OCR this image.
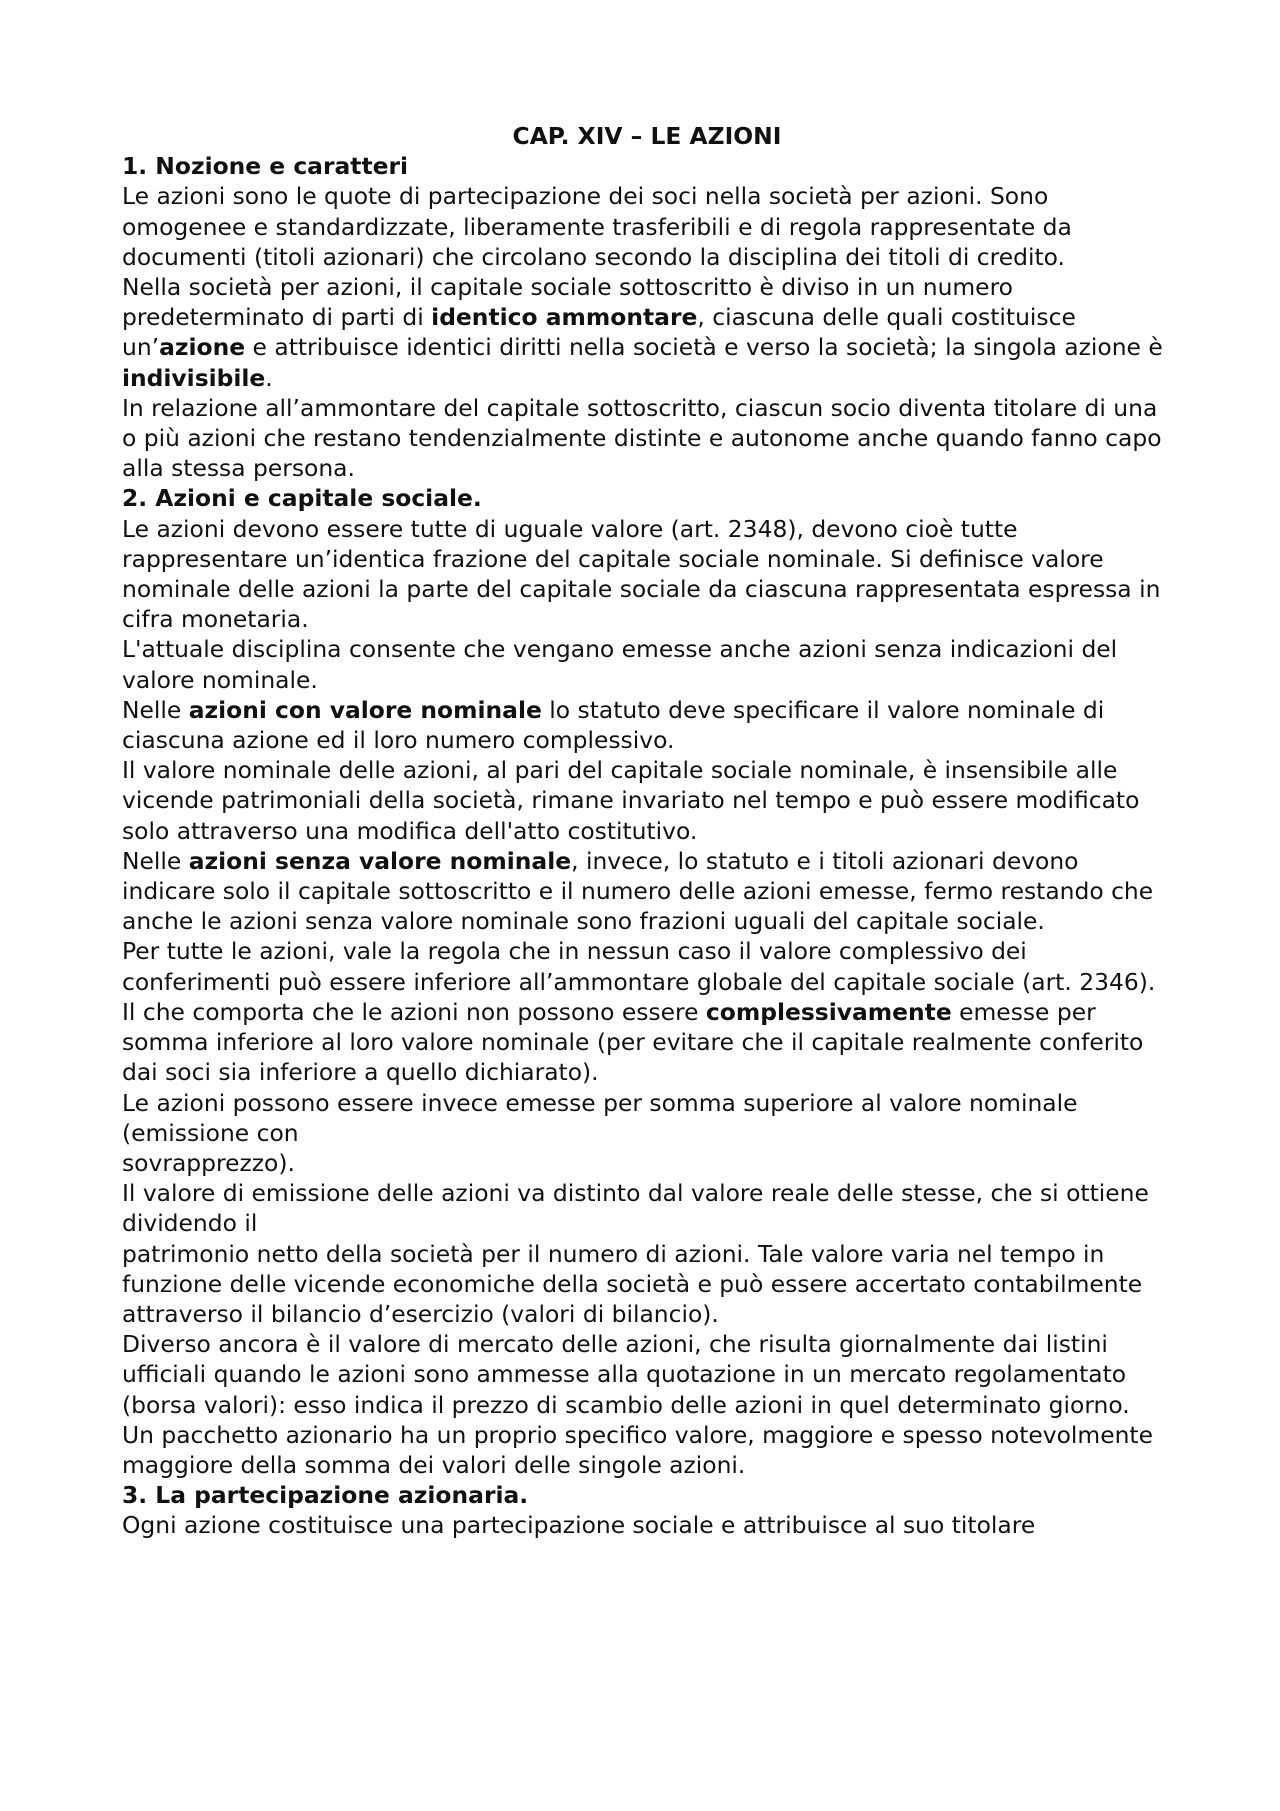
CAP. XIV – LE AZIONI

1. Nozione e caratteri

Le azioni sono le quote di partecipazione dei soci nella società per azioni. Sono omogenee e standardizzate, liberamente trasferibili e di regola rappresentate da documenti (titoli azionari) che circolano secondo la disciplina dei titoli di credito.

Nella società per azioni, il capitale sociale sottoscritto è diviso in un numero predeterminato di parti di identico ammontare, ciascuna delle quali costituisce un’azione e attribuisce identici diritti nella società e verso la società; la singola azione è indivisibile.

In relazione all’ammontare del capitale sottoscritto, ciascun socio diventa titolare di una o più azioni che restano tendenzialmente distinte e autonome anche quando fanno capo alla stessa persona.

2. Azioni e capitale sociale.

Le azioni devono essere tutte di uguale valore (art. 2348), devono cioè tutte rappresentare un’identica frazione del capitale sociale nominale. Si definisce valore nominale delle azioni la parte del capitale sociale da ciascuna rappresentata espressa in cifra monetaria.

L'attuale disciplina consente che vengano emesse anche azioni senza indicazioni del valore nominale.

Nelle azioni con valore nominale lo statuto deve specificare il valore nominale di ciascuna azione ed il loro numero complessivo.

Il valore nominale delle azioni, al pari del capitale sociale nominale, è insensibile alle vicende patrimoniali della società, rimane invariato nel tempo e può essere modificato solo attraverso una modifica dell'atto costitutivo.

Nelle azioni senza valore nominale, invece, lo statuto e i titoli azionari devono indicare solo il capitale sottoscritto e il numero delle azioni emesse, fermo restando che anche le azioni senza valore nominale sono frazioni uguali del capitale sociale.

Per tutte le azioni, vale la regola che in nessun caso il valore complessivo dei conferimenti può essere inferiore all’ammontare globale del capitale sociale (art. 2346). Il che comporta che le azioni non possono essere complessivamente emesse per somma inferiore al loro valore nominale (per evitare che il capitale realmente conferito dai soci sia inferiore a quello dichiarato).

Le azioni possono essere invece emesse per somma superiore al valore nominale (emissione con
sovrapprezzo).

Il valore di emissione delle azioni va distinto dal valore reale delle stesse, che si ottiene dividendo il
patrimonio netto della società per il numero di azioni. Tale valore varia nel tempo in funzione delle vicende economiche della società e può essere accertato contabilmente attraverso il bilancio d’esercizio (valori di bilancio).

Diverso ancora è il valore di mercato delle azioni, che risulta giornalmente dai listini ufficiali quando le azioni sono ammesse alla quotazione in un mercato regolamentato (borsa valori): esso indica il prezzo di scambio delle azioni in quel determinato giorno.

Un pacchetto azionario ha un proprio specifico valore, maggiore e spesso notevolmente maggiore della somma dei valori delle singole azioni.

3. La partecipazione azionaria.

Ogni azione costituisce una partecipazione sociale e attribuisce al suo titolare
